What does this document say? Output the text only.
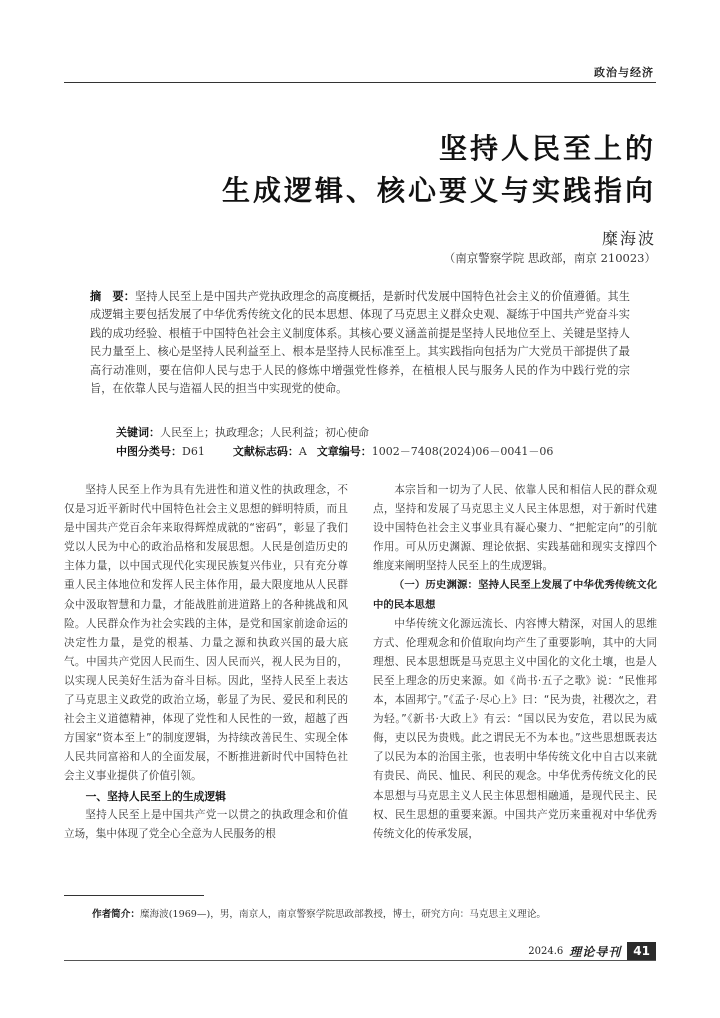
政治与经济
坚持人民至上的
生成逻辑、核心要义与实践指向
糜海波
（南京警察学院 思政部，南京 210023）
摘　要：坚持人民至上是中国共产党执政理念的高度概括，是新时代发展中国特色社会主义的价值遵循。其生成逻辑主要包括发展了中华优秀传统文化的民本思想、体现了马克思主义群众史观、凝练于中国共产党奋斗实践的成功经验、根植于中国特色社会主义制度体系。其核心要义涵盖前提是坚持人民地位至上、关键是坚持人民力量至上、核心是坚持人民利益至上、根本是坚持人民标准至上。其实践指向包括为广大党员干部提供了最高行动准则，要在信仰人民与忠于人民的修炼中增强党性修养，在植根人民与服务人民的作为中践行党的宗旨，在依靠人民与造福人民的担当中实现党的使命。
关键词：人民至上；执政理念；人民利益；初心使命
中图分类号：D61	文献标志码：A 文章编号：1002－7408(2024)06－0041－06

坚持人民至上作为具有先进性和道义性的执政理念，不仅是习近平新时代中国特色社会主义思想的鲜明特质，而且是中国共产党百余年来取得辉煌成就的“密码”，彰显了我们党以人民为中心的政治品格和发展思想。人民是创造历史的主体力量，以中国式现代化实现民族复兴伟业，只有充分尊重人民主体地位和发挥人民主体作用，最大限度地从人民群众中汲取智慧和力量，才能战胜前进道路上的各种挑战和风险。人民群众作为社会实践的主体，是党和国家前途命运的决定性力量，是党的根基、力量之源和执政兴国的最大底气。中国共产党因人民而生、因人民而兴，视人民为目的，以实现人民美好生活为奋斗目标。因此，坚持人民至上表达了马克思主义政党的政治立场，彰显了为民、爱民和利民的社会主义道德精神，体现了党性和人民性的一致，超越了西方国家“资本至上”的制度逻辑，为持续改善民生、实现全体人民共同富裕和人的全面发展，不断推进新时代中国特色社会主义事业提供了价值引领。

一、坚持人民至上的生成逻辑

坚持人民至上是中国共产党一以贯之的执政理念和价值立场，集中体现了党全心全意为人民服务的根

本宗旨和一切为了人民、依靠人民和相信人民的群众观点，坚持和发展了马克思主义人民主体思想，对于新时代建设中国特色社会主义事业具有凝心聚力、“把舵定向”的引航作用。可从历史渊源、理论依据、实践基础和现实支撑四个维度来阐明坚持人民至上的生成逻辑。

（一）历史渊源：坚持人民至上发展了中华优秀传统文化中的民本思想

中华传统文化源远流长、内容博大精深，对国人的思维方式、伦理观念和价值取向均产生了重要影响，其中的大同理想、民本思想既是马克思主义中国化的文化土壤，也是人民至上理念的历史来源。如《尚书·五子之歌》说：“民惟邦本，本固邦宁。”《孟子·尽心上》曰：“民为贵，社稷次之，君为轻。”《新书·大政上》有云：“国以民为安危，君以民为威侮，吏以民为贵贱。此之谓民无不为本也。”这些思想既表达了以民为本的治国主张，也表明中华传统文化中自古以来就有贵民、尚民、恤民、利民的观念。中华优秀传统文化的民本思想与马克思主义人民主体思想相融通，是现代民主、民权、民生思想的重要来源。中国共产党历来重视对中华优秀传统文化的传承发展，

作者简介：糜海波(1969—)，男，南京人，南京警察学院思政部教授，博士，研究方向：马克思主义理论。
2024.6 理论导刊	41
